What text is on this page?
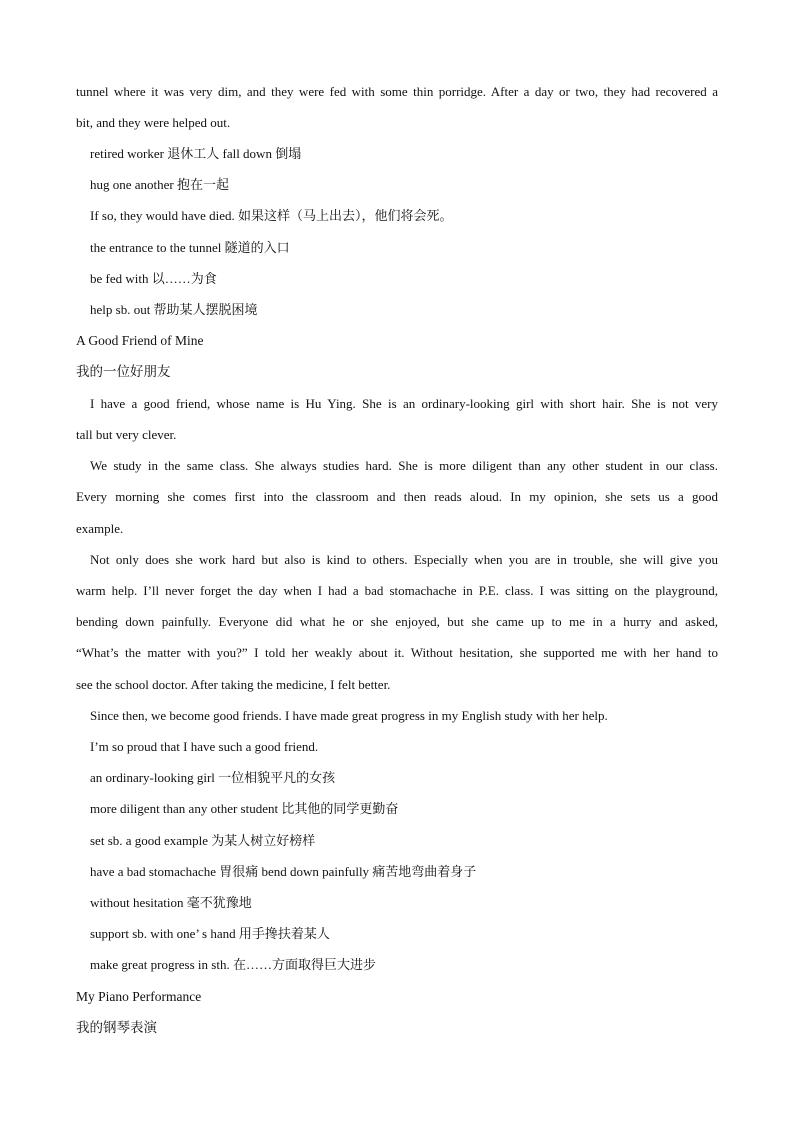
tunnel where it was very dim, and they were fed with some thin porridge. After a day or two, they had recovered a
bit, and they were helped out.
retired worker 退休工人 fall down 倒塌
hug one another 抱在一起
If so, they would have died. 如果这样（马上出去），他们将会死。
the entrance to the tunnel 隧道的入口
be fed with 以……为食
help sb. out 帮助某人摆脱困境
A Good Friend of Mine
我的一位好朋友
I have a good friend, whose name is Hu Ying. She is an ordinary-looking girl with short hair. She is not very
tall but very clever.
We study in the same class. She always studies hard. She is more diligent than any other student in our class.
Every morning she comes first into the classroom and then reads aloud. In my opinion, she sets us a good
example.
Not only does she work hard but also is kind to others. Especially when you are in trouble, she will give you
warm help. I’ll never forget the day when I had a bad stomachache in P.E. class. I was sitting on the playground,
bending down painfully. Everyone did what he or she enjoyed, but she came up to me in a hurry and asked,
“What’s the matter with you?” I told her weakly about it. Without hesitation, she supported me with her hand to
see the school doctor. After taking the medicine, I felt better.
Since then, we become good friends. I have made great progress in my English study with her help.
I’m so proud that I have such a good friend.
an ordinary-looking girl 一位相貌平凡的女孩
more diligent than any other student 比其他的同学更勤奋
set sb. a good example 为某人树立好榜样
have a bad stomachache 胃很痛 bend down painfully 痛苦地弯曲着身子
without hesitation 毫不犹豫地
support sb. with one’ s hand 用手搀扶着某人
make great progress in sth. 在……方面取得巨大进步
My Piano Performance
我的钢琴表演
